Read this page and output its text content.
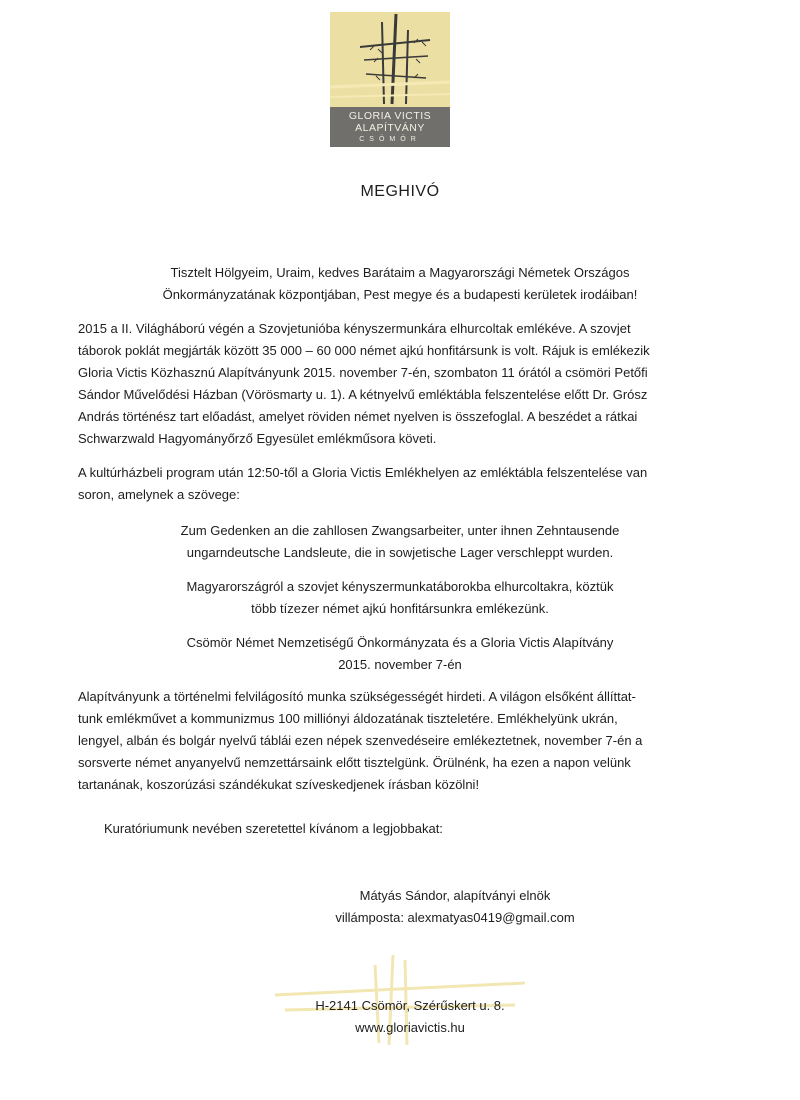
GLORIA VICTIS
ALAPÍTVÁNY
CSÖMÖR
MEGHIVÓ
Tisztelt Hölgyeim, Uraim, kedves Barátaim a Magyarországi Németek Országos
Önkormányzatának központjában, Pest megye és a budapesti kerületek irodáiban!
2015 a II. Világháború végén a Szovjetunióba kényszermunkára elhurcoltak emlékéve. A szovjet
táborok poklát megjárták között 35 000 – 60 000 német ajkú honfitársunk is volt. Rájuk is emlékezik
Gloria Victis Közhasznú Alapítványunk 2015. november 7-én, szombaton 11 órától a csömöri Petőfi
Sándor Művelődési Házban (Vörösmarty u. 1). A kétnyelvű emléktábla felszentelése előtt Dr. Grósz
András történész tart előadást, amelyet röviden német nyelven is összefoglal. A beszédet a rátkai
Schwarzwald Hagyományőrző Egyesület emlékműsora követi.
A kultúrházbeli program után 12:50-től a Gloria Victis Emlékhelyen az emléktábla felszentelése van
soron, amelynek a szövege:
Zum Gedenken an die zahllosen Zwangsarbeiter, unter ihnen Zehntausende
ungarndeutsche Landsleute, die in sowjetische Lager verschleppt wurden.
Magyarországról a szovjet kényszermunkatáborokba elhurcoltakra, köztük
több tízezer német ajkú honfitársunkra emlékezünk.
Csömör Német Nemzetiségű Önkormányzata és a Gloria Victis Alapítvány
2015. november 7-én
Alapítványunk a történelmi felvilágosító munka szükségességét hirdeti. A világon elsőként állíttat-
tunk emlékművet a kommunizmus 100 milliónyi áldozatának tiszteletére. Emlékhelyünk ukrán,
lengyel, albán és bolgár nyelvű táblái ezen népek szenvedéseire emlékeztetnek, november 7-én a
sorsverte német anyanyelvű nemzettársaink előtt tisztelgünk. Örülnénk, ha ezen a napon velünk
tartanának, koszorúzási szándékukat szíveskedjenek írásban közölni!
Kuratóriumunk nevében szeretettel kívánom a legjobbakat:
Mátyás Sándor, alapítványi elnök
villámposta: alexmatyas0419@gmail.com
H-2141 Csömör, Szérűskert u. 8.
www.gloriavictis.hu
